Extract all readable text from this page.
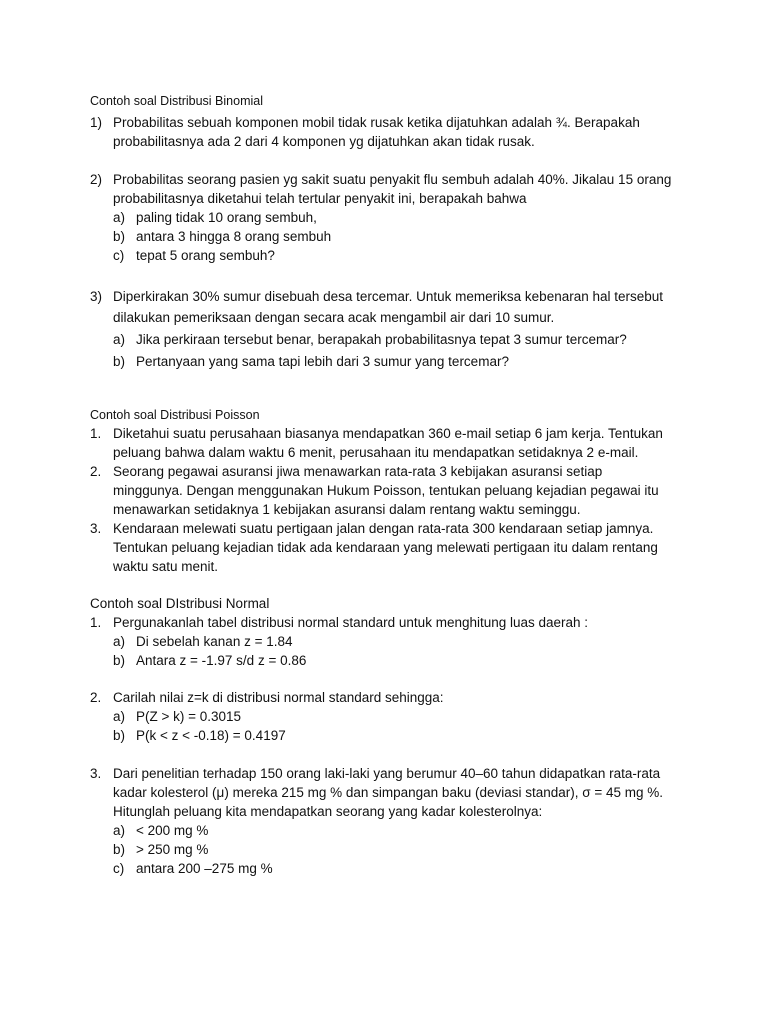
Contoh soal Distribusi Binomial
1) Probabilitas sebuah komponen mobil tidak rusak ketika dijatuhkan adalah ¾. Berapakah
probabilitasnya ada 2 dari 4 komponen yg dijatuhkan akan tidak rusak.
2) Probabilitas seorang pasien yg sakit suatu penyakit flu sembuh adalah 40%. Jikalau 15 orang
probabilitasnya diketahui telah tertular penyakit ini, berapakah bahwa
a) paling tidak 10 orang sembuh,
b) antara 3 hingga 8 orang sembuh
c) tepat 5 orang sembuh?
3) Diperkirakan 30% sumur disebuah desa tercemar. Untuk memeriksa kebenaran hal tersebut
dilakukan pemeriksaan dengan secara acak mengambil air dari 10 sumur.
a) Jika perkiraan tersebut benar, berapakah probabilitasnya tepat 3 sumur tercemar?
b) Pertanyaan yang sama tapi lebih dari 3 sumur yang tercemar?
Contoh soal Distribusi Poisson
1. Diketahui suatu perusahaan biasanya mendapatkan 360 e-mail setiap 6 jam kerja. Tentukan
peluang bahwa dalam waktu 6 menit, perusahaan itu mendapatkan setidaknya 2 e-mail.
2. Seorang pegawai asuransi jiwa menawarkan rata-rata 3 kebijakan asuransi setiap
minggunya. Dengan menggunakan Hukum Poisson, tentukan peluang kejadian pegawai itu
menawarkan setidaknya 1 kebijakan asuransi dalam rentang waktu seminggu.
3. Kendaraan melewati suatu pertigaan jalan dengan rata-rata 300 kendaraan setiap jamnya.
Tentukan peluang kejadian tidak ada kendaraan yang melewati pertigaan itu dalam rentang
waktu satu menit.
Contoh soal DIstribusi Normal
1. Pergunakanlah tabel distribusi normal standard untuk menghitung luas daerah :
a) Di sebelah kanan z = 1.84
b) Antara z = -1.97 s/d z = 0.86
2. Carilah nilai z=k di distribusi normal standard sehingga:
a) P(Z > k) = 0.3015
b) P(k < z < -0.18) = 0.4197
3. Dari penelitian terhadap 150 orang laki-laki yang berumur 40–60 tahun didapatkan rata-rata
kadar kolesterol (μ) mereka 215 mg % dan simpangan baku (deviasi standar), σ = 45 mg %.
Hitunglah peluang kita mendapatkan seorang yang kadar kolesterolnya:
a) < 200 mg %
b) > 250 mg %
c) antara 200 –275 mg %
